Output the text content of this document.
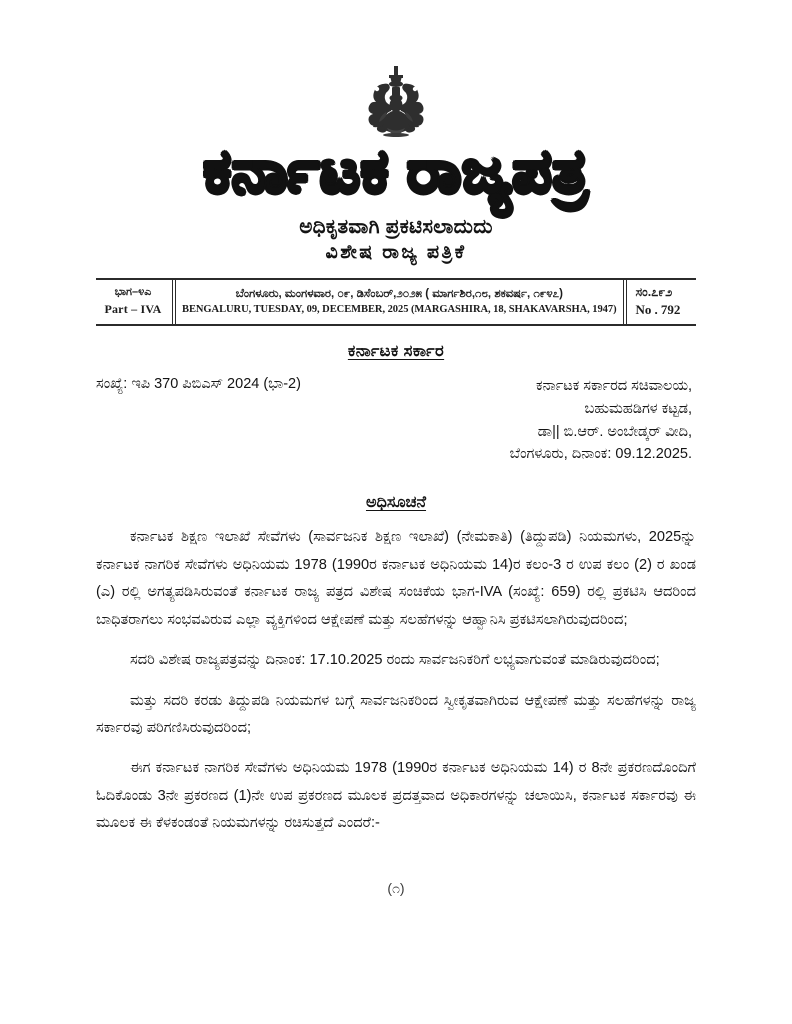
ಕರ್ನಾಟಕ ರಾಜ್ಯಪತ್ರ
ಅಧಿಕೃತವಾಗಿ ಪ್ರಕಟಿಸಲಾದುದು
ವಿಶೇಷ ರಾಜ್ಯ ಪತ್ರಿಕೆ
ಭಾಗ–೪ಎ
Part – IVA
ಬೆಂಗಳೂರು, ಮಂಗಳವಾರ, ೦೯, ಡಿಸೆಂಬರ್,೨೦೨೫ ( ಮಾರ್ಗಶಿರ,೧೮, ಶಕವರ್ಷ, ೧೯೪೭)
BENGALURU, TUESDAY, 09, DECEMBER, 2025 (MARGASHIRA, 18, SHAKAVARSHA, 1947)
ಸಂ.೭೯೨
No . 792
ಕರ್ನಾಟಕ ಸರ್ಕಾರ
ಸಂಖ್ಯೆ: ಇಪಿ 370 ಪಿಬಿಎಸ್ 2024 (ಭಾ-2)	ಕರ್ನಾಟಕ ಸರ್ಕಾರದ ಸಚಿವಾಲಯ,
ಬಹುಮಹಡಿಗಳ ಕಟ್ಟಡ,
ಡಾ|| ಬಿ.ಆರ್. ಅಂಬೇಡ್ಕರ್ ವೀದಿ,
ಬೆಂಗಳೂರು, ದಿನಾಂಕ: 09.12.2025.
ಅಧಿಸೂಚನೆ

ಕರ್ನಾಟಕ ಶಿಕ್ಷಣ ಇಲಾಖೆ ಸೇವೆಗಳು (ಸಾರ್ವಜನಿಕ ಶಿಕ್ಷಣ ಇಲಾಖೆ) (ನೇಮಕಾತಿ) (ತಿದ್ದುಪಡಿ) ನಿಯಮಗಳು, 2025ನ್ನು ಕರ್ನಾಟಕ ನಾಗರಿಕ ಸೇವೆಗಳು ಅಧಿನಿಯಮ 1978 (1990ರ ಕರ್ನಾಟಕ ಅಧಿನಿಯಮ 14)ರ ಕಲಂ-3 ರ ಉಪ ಕಲಂ (2) ರ ಖಂಡ (ಎ) ರಲ್ಲಿ ಅಗತ್ಯಪಡಿಸಿರುವಂತೆ ಕರ್ನಾಟಕ ರಾಜ್ಯ ಪತ್ರದ ವಿಶೇಷ ಸಂಚಿಕೆಯ ಭಾಗ-IVA (ಸಂಖ್ಯೆ: 659) ರಲ್ಲಿ ಪ್ರಕಟಿಸಿ ಆದರಿಂದ ಬಾಧಿತರಾಗಲು ಸಂಭವವಿರುವ ಎಲ್ಲಾ ವ್ಯಕ್ತಿಗಳಿಂದ ಆಕ್ಷೇಪಣೆ ಮತ್ತು ಸಲಹೆಗಳನ್ನು ಆಹ್ವಾನಿಸಿ ಪ್ರಕಟಿಸಲಾಗಿರುವುದರಿಂದ;

ಸದರಿ ವಿಶೇಷ ರಾಜ್ಯಪತ್ರವನ್ನು ದಿನಾಂಕ: 17.10.2025 ರಂದು ಸಾರ್ವಜನಿಕರಿಗೆ ಲಭ್ಯವಾಗುವಂತೆ ಮಾಡಿರುವುದರಿಂದ;

ಮತ್ತು ಸದರಿ ಕರಡು ತಿದ್ದುಪಡಿ ನಿಯಮಗಳ ಬಗ್ಗೆ ಸಾರ್ವಜನಿಕರಿಂದ ಸ್ವೀಕೃತವಾಗಿರುವ ಆಕ್ಷೇಪಣೆ ಮತ್ತು ಸಲಹೆಗಳನ್ನು ರಾಜ್ಯ ಸರ್ಕಾರವು ಪರಿಗಣಿಸಿರುವುದರಿಂದ;

ಈಗ ಕರ್ನಾಟಕ ನಾಗರಿಕ ಸೇವೆಗಳು ಅಧಿನಿಯಮ 1978 (1990ರ ಕರ್ನಾಟಕ ಅಧಿನಿಯಮ 14) ರ 8ನೇ ಪ್ರಕರಣದೊಂದಿಗೆ ಓದಿಕೊಂಡು 3ನೇ ಪ್ರಕರಣದ (1)ನೇ ಉಪ ಪ್ರಕರಣದ ಮೂಲಕ ಪ್ರದತ್ತವಾದ ಅಧಿಕಾರಗಳನ್ನು ಚಲಾಯಿಸಿ, ಕರ್ನಾಟಕ ಸರ್ಕಾರವು ಈ ಮೂಲಕ ಈ ಕೆಳಕಂಡಂತೆ ನಿಯಮಗಳನ್ನು ರಚಿಸುತ್ತದೆ ಎಂದರೆ:-

(೧)
